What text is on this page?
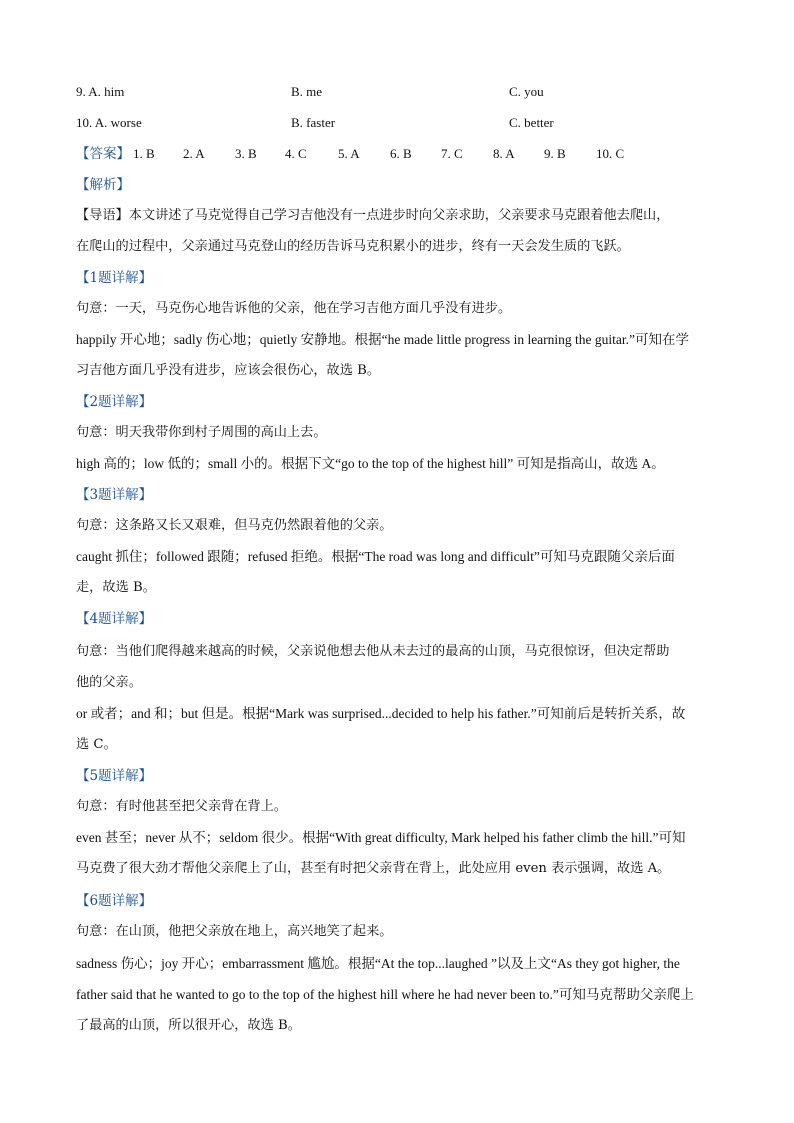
9. A. him	B. me	C. you
10. A. worse	B. faster	C. better
【答案】 1. B 2. A 3. B 4. C 5. A 6. B 7. C 8. A 9. B 10. C
【解析】
【导语】本文讲述了马克觉得自己学习吉他没有一点进步时向父亲求助，父亲要求马克跟着他去爬山，
在爬山的过程中，父亲通过马克登山的经历告诉马克积累小的进步，终有一天会发生质的飞跃。
【1题详解】
句意：一天，马克伤心地告诉他的父亲，他在学习吉他方面几乎没有进步。
happily 开心地；sadly 伤心地；quietly 安静地。根据“he made little progress in learning the guitar.”可知在学
习吉他方面几乎没有进步，应该会很伤心，故选 B。
【2题详解】
句意：明天我带你到村子周围的高山上去。
high 高的；low 低的；small 小的。根据下文“go to the top of the highest hill” 可知是指高山，故选 A。
【3题详解】
句意：这条路又长又艰难，但马克仍然跟着他的父亲。
caught 抓住；followed 跟随；refused 拒绝。根据“The road was long and difficult”可知马克跟随父亲后面
走，故选 B。
【4题详解】
句意：当他们爬得越来越高的时候，父亲说他想去他从未去过的最高的山顶，马克很惊讶，但决定帮助
他的父亲。
or 或者；and 和；but 但是。根据“Mark was surprised...decided to help his father.”可知前后是转折关系，故
选 C。
【5题详解】
句意：有时他甚至把父亲背在背上。
even 甚至；never 从不；seldom 很少。根据“With great difficulty, Mark helped his father climb the hill.”可知
马克费了很大劲才帮他父亲爬上了山，甚至有时把父亲背在背上，此处应用 even 表示强调，故选 A。
【6题详解】
句意：在山顶，他把父亲放在地上，高兴地笑了起来。
sadness 伤心；joy 开心；embarrassment 尴尬。根据“At the top...laughed ”以及上文“As they got higher, the
father said that he wanted to go to the top of the highest hill where he had never been to.”可知马克帮助父亲爬上
了最高的山顶，所以很开心，故选 B。
